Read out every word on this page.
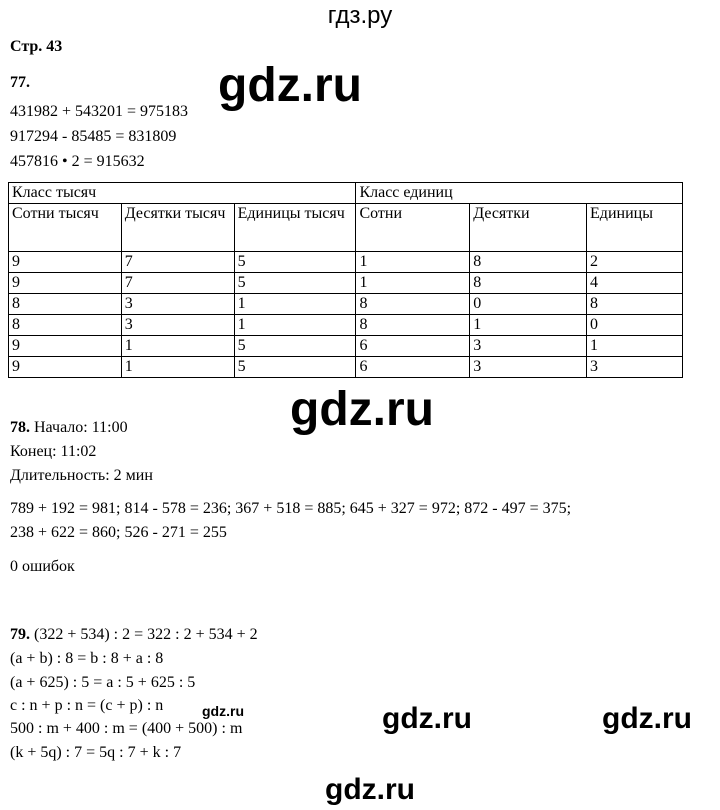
гдз.ру
Стр. 43
77.
431982 + 543201 = 975183
917294 - 85485 = 831809
457816 • 2 = 915632
gdz.ru
Класс тысяч			Класс единиц		
Сотни тысяч	Десятки тысяч	Единицы тысяч	Сотни	Десятки	Единицы
9	7	5	1	8	2
9	7	5	1	8	4
8	3	1	8	0	8
8	3	1	8	1	0
9	1	5	6	3	1
9	1	5	6	3	3
gdz.ru
78. Начало: 11:00
Конец: 11:02
Длительность: 2 мин
789 + 192 = 981; 814 - 578 = 236; 367 + 518 = 885; 645 + 327 = 972; 872 - 497 = 375;
238 + 622 = 860; 526 - 271 = 255
0 ошибок
79. (322 + 534) : 2 = 322 : 2 + 534 + 2
(a + b) : 8 = b : 8 + a : 8
(a + 625) : 5 = a : 5 + 625 : 5
c : n + p : n = (c + p) : n
500 : m + 400 : m = (400 + 500) : m
(k + 5q) : 7 = 5q : 7 + k : 7
gdz.ru	gdz.ru	gdz.ru
gdz.ru
